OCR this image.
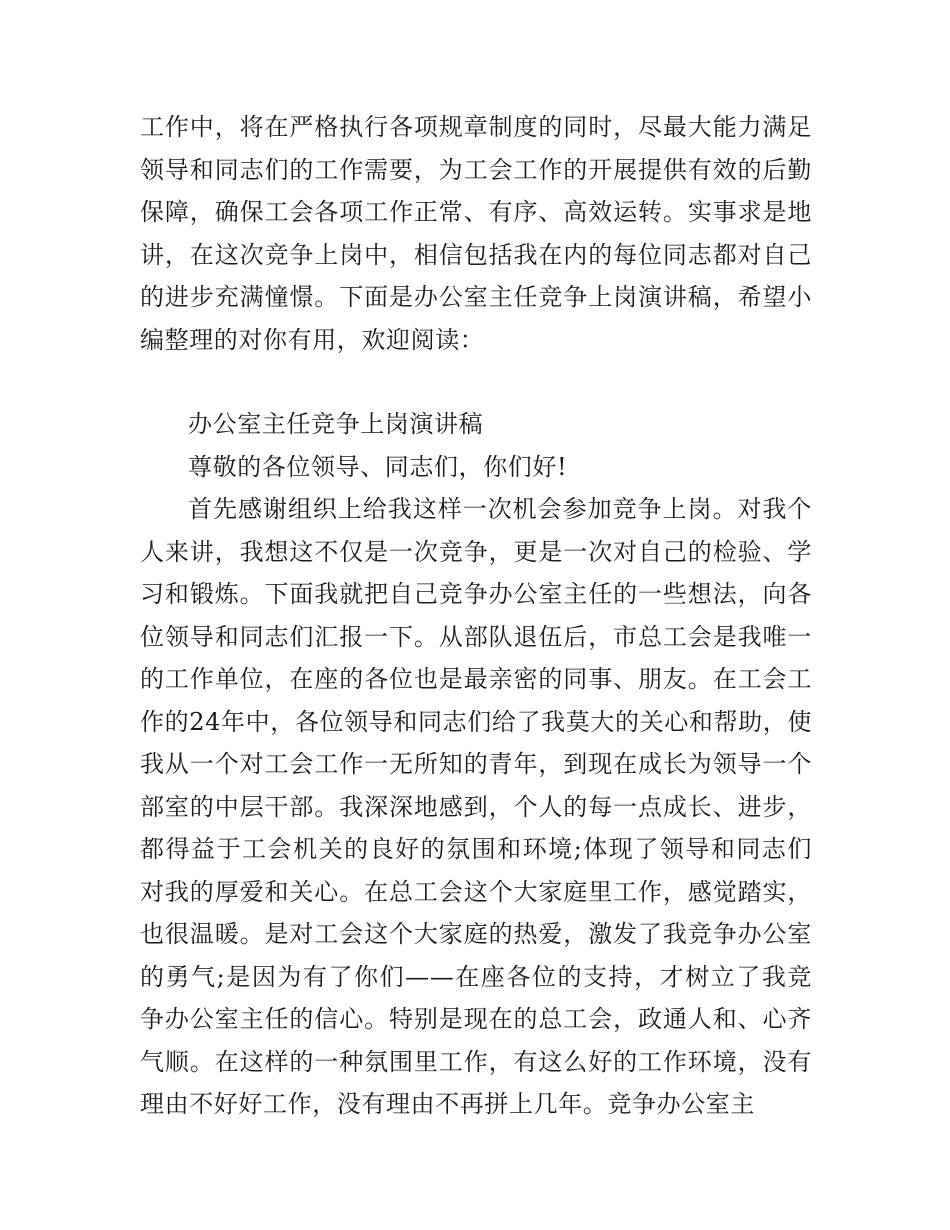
工作中，将在严格执行各项规章制度的同时，尽最大能力满足领导和同志们的工作需要，为工会工作的开展提供有效的后勤保障，确保工会各项工作正常、有序、高效运转。实事求是地讲，在这次竞争上岗中，相信包括我在内的每位同志都对自己的进步充满憧憬。下面是办公室主任竞争上岗演讲稿，希望小编整理的对你有用，欢迎阅读：

办公室主任竞争上岗演讲稿

尊敬的各位领导、同志们，你们好!

首先感谢组织上给我这样一次机会参加竞争上岗。对我个人来讲，我想这不仅是一次竞争，更是一次对自己的检验、学习和锻炼。下面我就把自己竞争办公室主任的一些想法，向各位领导和同志们汇报一下。从部队退伍后，市总工会是我唯一的工作单位，在座的各位也是最亲密的同事、朋友。在工会工作的24年中，各位领导和同志们给了我莫大的关心和帮助，使我从一个对工会工作一无所知的青年，到现在成长为领导一个部室的中层干部。我深深地感到，个人的每一点成长、进步，都得益于工会机关的良好的氛围和环境;体现了领导和同志们对我的厚爱和关心。在总工会这个大家庭里工作，感觉踏实，也很温暖。是对工会这个大家庭的热爱，激发了我竞争办公室的勇气;是因为有了你们——在座各位的支持，才树立了我竞争办公室主任的信心。特别是现在的总工会，政通人和、心齐气顺。在这样的一种氛围里工作，有这么好的工作环境，没有理由不好好工作，没有理由不再拼上几年。竞争办公室主
